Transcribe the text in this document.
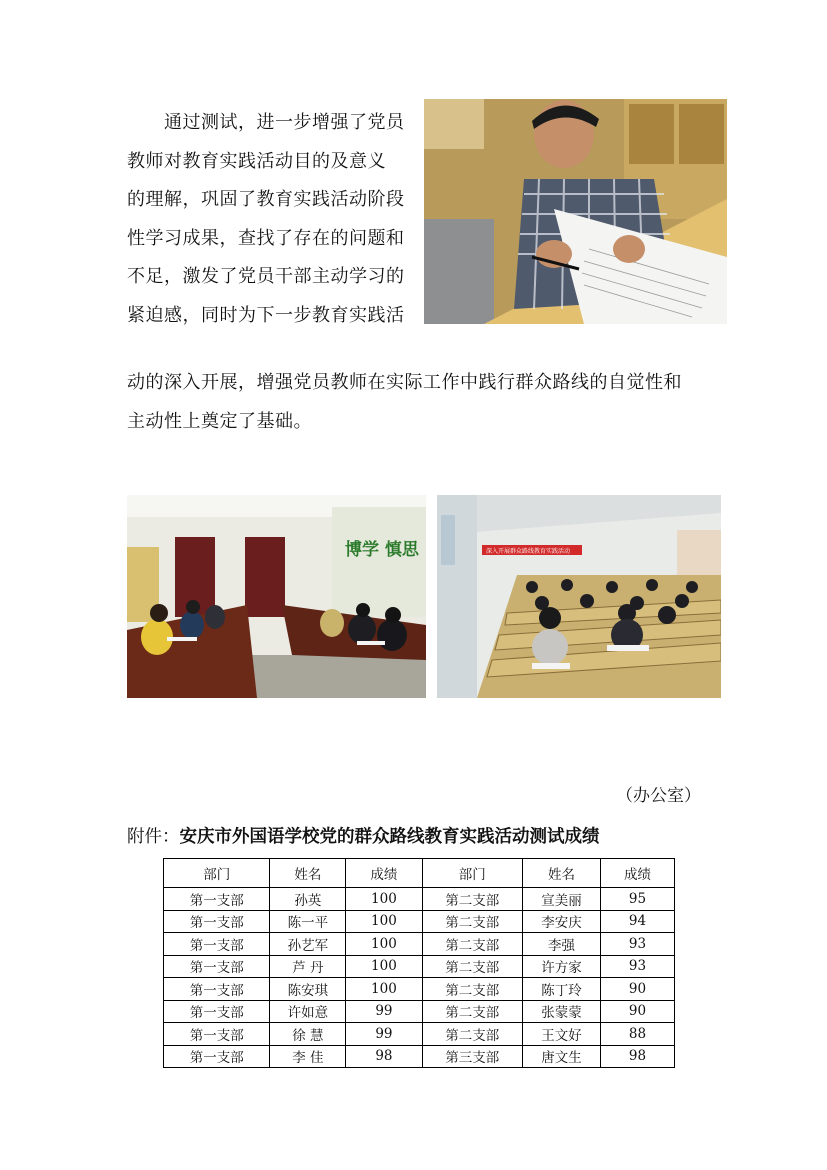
通过测试，进一步增强了党员
教师对教育实践活动目的及意义
的理解，巩固了教育实践活动阶段
性学习成果，查找了存在的问题和
不足，激发了党员干部主动学习的
紧迫感，同时为下一步教育实践活
动的深入开展，增强党员教师在实际工作中践行群众路线的自觉性和
主动性上奠定了基础。
博学 慎思	深入开展群众路线教育实践活动
（办公室）
附件：安庆市外国语学校党的群众路线教育实践活动测试成绩
部门	姓名	成绩	部门	姓名	成绩
第一支部	孙英	100	第二支部	宣美丽	95
第一支部	陈一平	100	第二支部	李安庆	94
第一支部	孙艺军	100	第二支部	李强	93
第一支部	芦 丹	100	第二支部	许方家	93
第一支部	陈安琪	100	第二支部	陈丁玲	90
第一支部	许如意	99	第二支部	张蒙蒙	90
第一支部	徐 慧	99	第二支部	王文好	88
第一支部	李 佳	98	第三支部	唐文生	98
